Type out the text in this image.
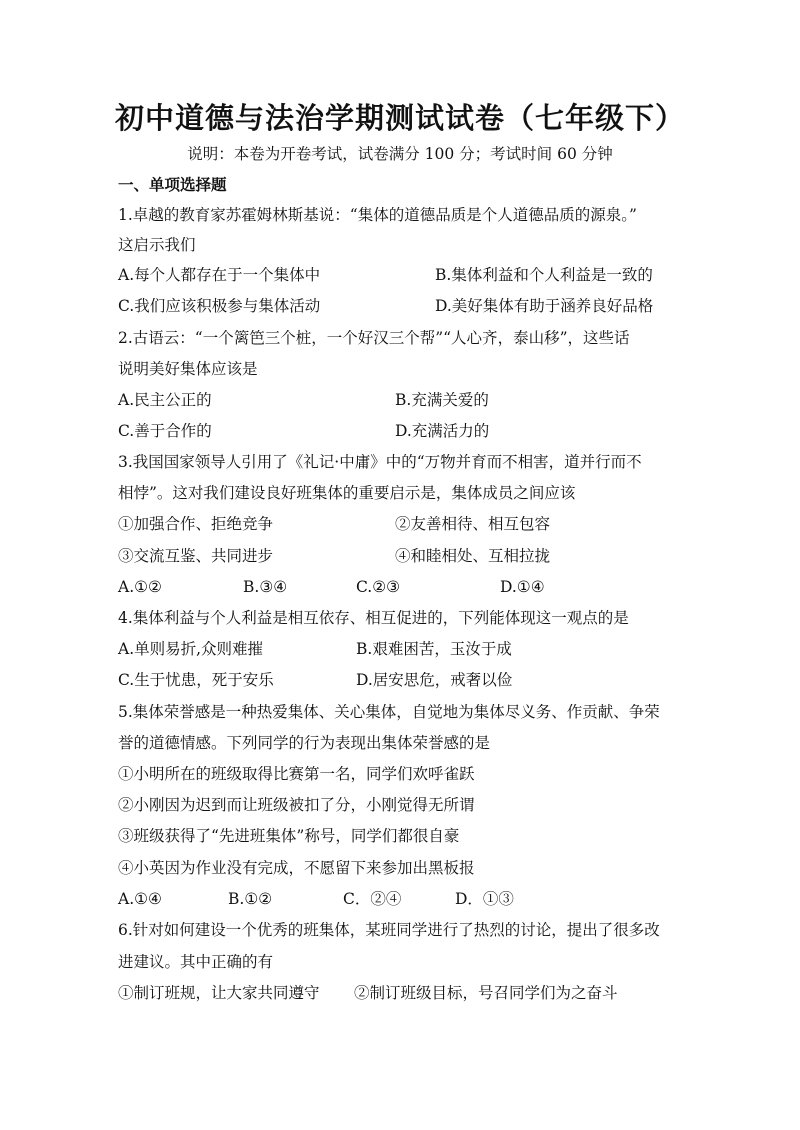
初中道德与法治学期测试试卷（七年级下）
说明：本卷为开卷考试，试卷满分 100 分；考试时间 60 分钟
一、单项选择题
1.卓越的教育家苏霍姆林斯基说：“集体的道德品质是个人道德品质的源泉。”
这启示我们
A.每个人都存在于一个集体中	B.集体利益和个人利益是一致的
C.我们应该积极参与集体活动	D.美好集体有助于涵养良好品格
2.古语云：“一个篱笆三个桩，一个好汉三个帮”“人心齐，泰山移”，这些话
说明美好集体应该是
A.民主公正的	B.充满关爱的
C.善于合作的	D.充满活力的
3.我国国家领导人引用了《礼记·中庸》中的“万物并育而不相害，道并行而不
相悖”。这对我们建设良好班集体的重要启示是，集体成员之间应该
①加强合作、拒绝竞争	②友善相待、相互包容
③交流互鉴、共同进步	④和睦相处、互相拉拢
A.①②	B.③④	C.②③	D.①④
4.集体利益与个人利益是相互依存、相互促进的，下列能体现这一观点的是
A.单则易折,众则难摧	B.艰难困苦，玉汝于成
C.生于忧患，死于安乐	D.居安思危，戒奢以俭
5.集体荣誉感是一种热爱集体、关心集体，自觉地为集体尽义务、作贡献、争荣
誉的道德情感。下列同学的行为表现出集体荣誉感的是
①小明所在的班级取得比赛第一名，同学们欢呼雀跃
②小刚因为迟到而让班级被扣了分，小刚觉得无所谓
③班级获得了“先进班集体”称号，同学们都很自豪
④小英因为作业没有完成，不愿留下来参加出黑板报
A.①④	B.①②	C．②④	D．①③
6.针对如何建设一个优秀的班集体，某班同学进行了热烈的讨论，提出了很多改
进建议。其中正确的有
①制订班规，让大家共同遵守 ②制订班级目标，号召同学们为之奋斗
